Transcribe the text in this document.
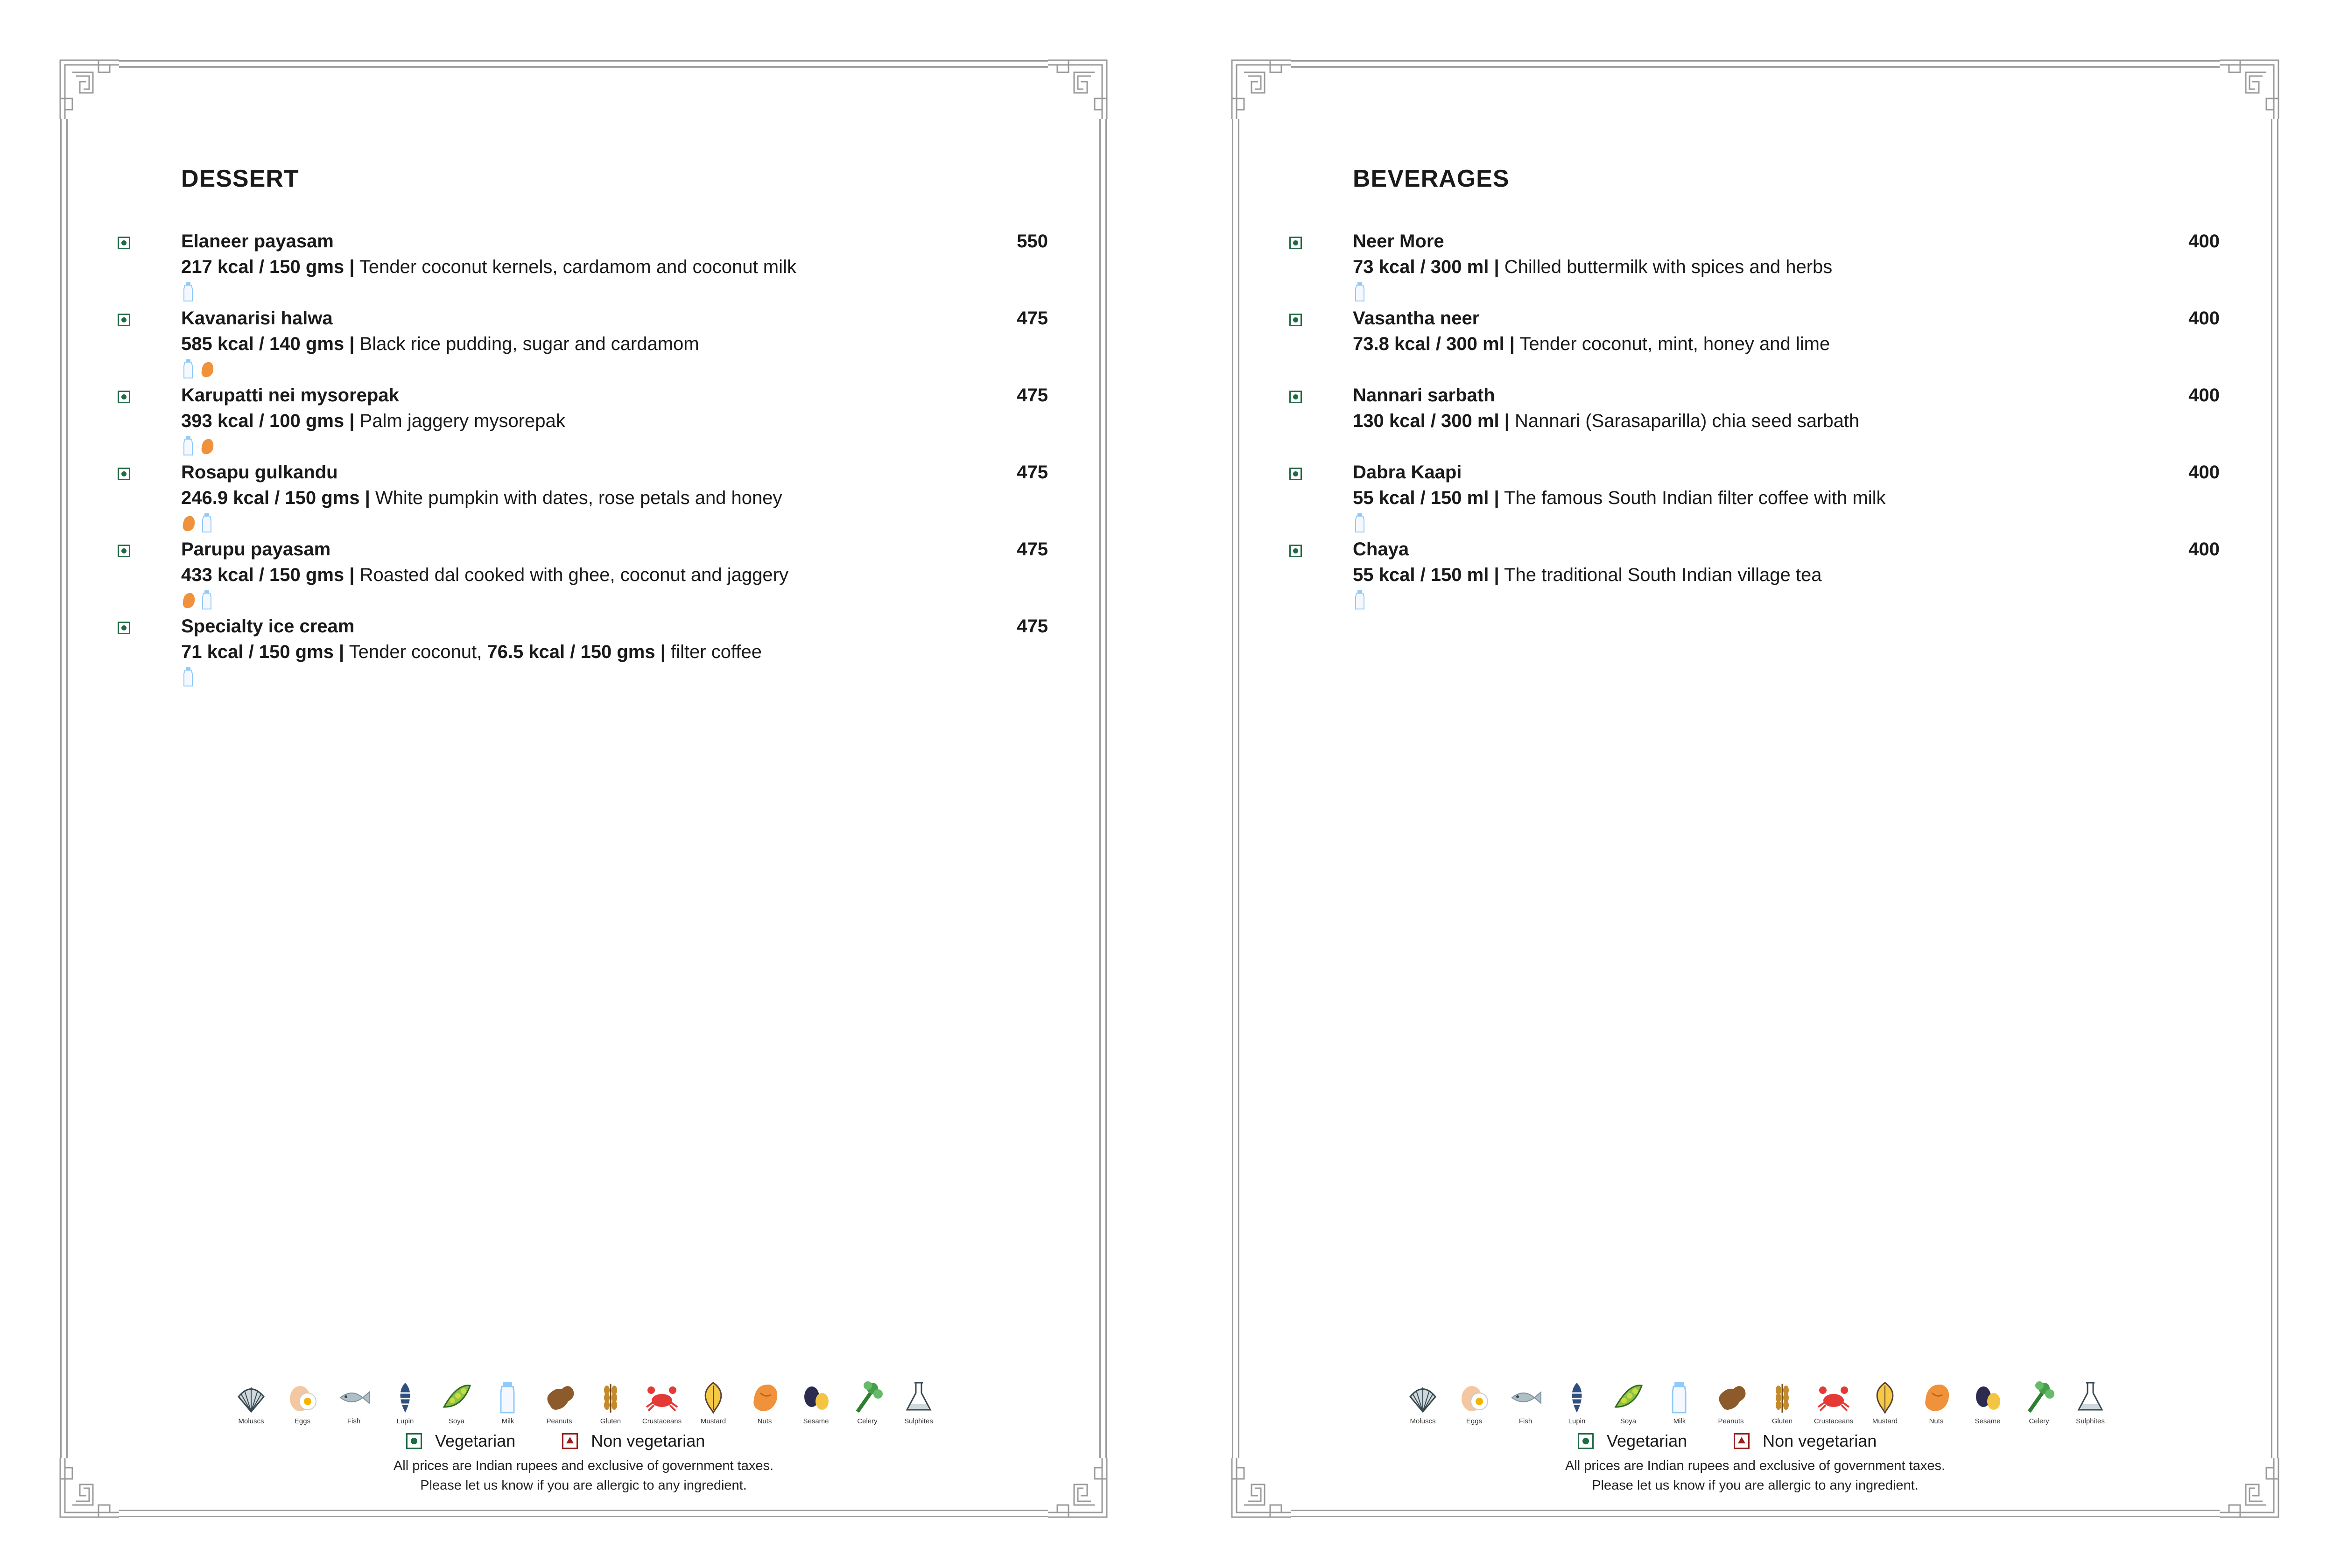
DESSERT
Elaneer payasam	550
217 kcal / 150 gms | Tender coconut kernels, cardamom and coconut milk
Kavanarisi halwa	475
585 kcal / 140 gms | Black rice pudding, sugar and cardamom
Karupatti nei mysorepak	475
393 kcal / 100 gms | Palm jaggery mysorepak
Rosapu gulkandu	475
246.9 kcal / 150 gms | White pumpkin with dates, rose petals and honey
Parupu payasam	475
433 kcal / 150 gms | Roasted dal cooked with ghee, coconut and jaggery
Specialty ice cream	475
71 kcal / 150 gms | Tender coconut, 76.5 kcal / 150 gms | filter coffee
Moluscs	Eggs	Fish	Lupin	Soya	Milk	Peanuts	Gluten	Crustaceans	Mustard	Nuts	Sesame	Celery	Sulphites
Vegetarian	Non vegetarian
All prices are Indian rupees and exclusive of government taxes.
Please let us know if you are allergic to any ingredient.
BEVERAGES
Neer More	400
73 kcal / 300 ml | Chilled buttermilk with spices and herbs
Vasantha neer	400
73.8 kcal / 300 ml | Tender coconut, mint, honey and lime
Nannari sarbath	400
130 kcal / 300 ml | Nannari (Sarasaparilla) chia seed sarbath
Dabra Kaapi	400
55 kcal / 150 ml | The famous South Indian filter coffee with milk
Chaya	400
55 kcal / 150 ml | The traditional South Indian village tea
Moluscs	Eggs	Fish	Lupin	Soya	Milk	Peanuts	Gluten	Crustaceans	Mustard	Nuts	Sesame	Celery	Sulphites
Vegetarian	Non vegetarian
All prices are Indian rupees and exclusive of government taxes.
Please let us know if you are allergic to any ingredient.
